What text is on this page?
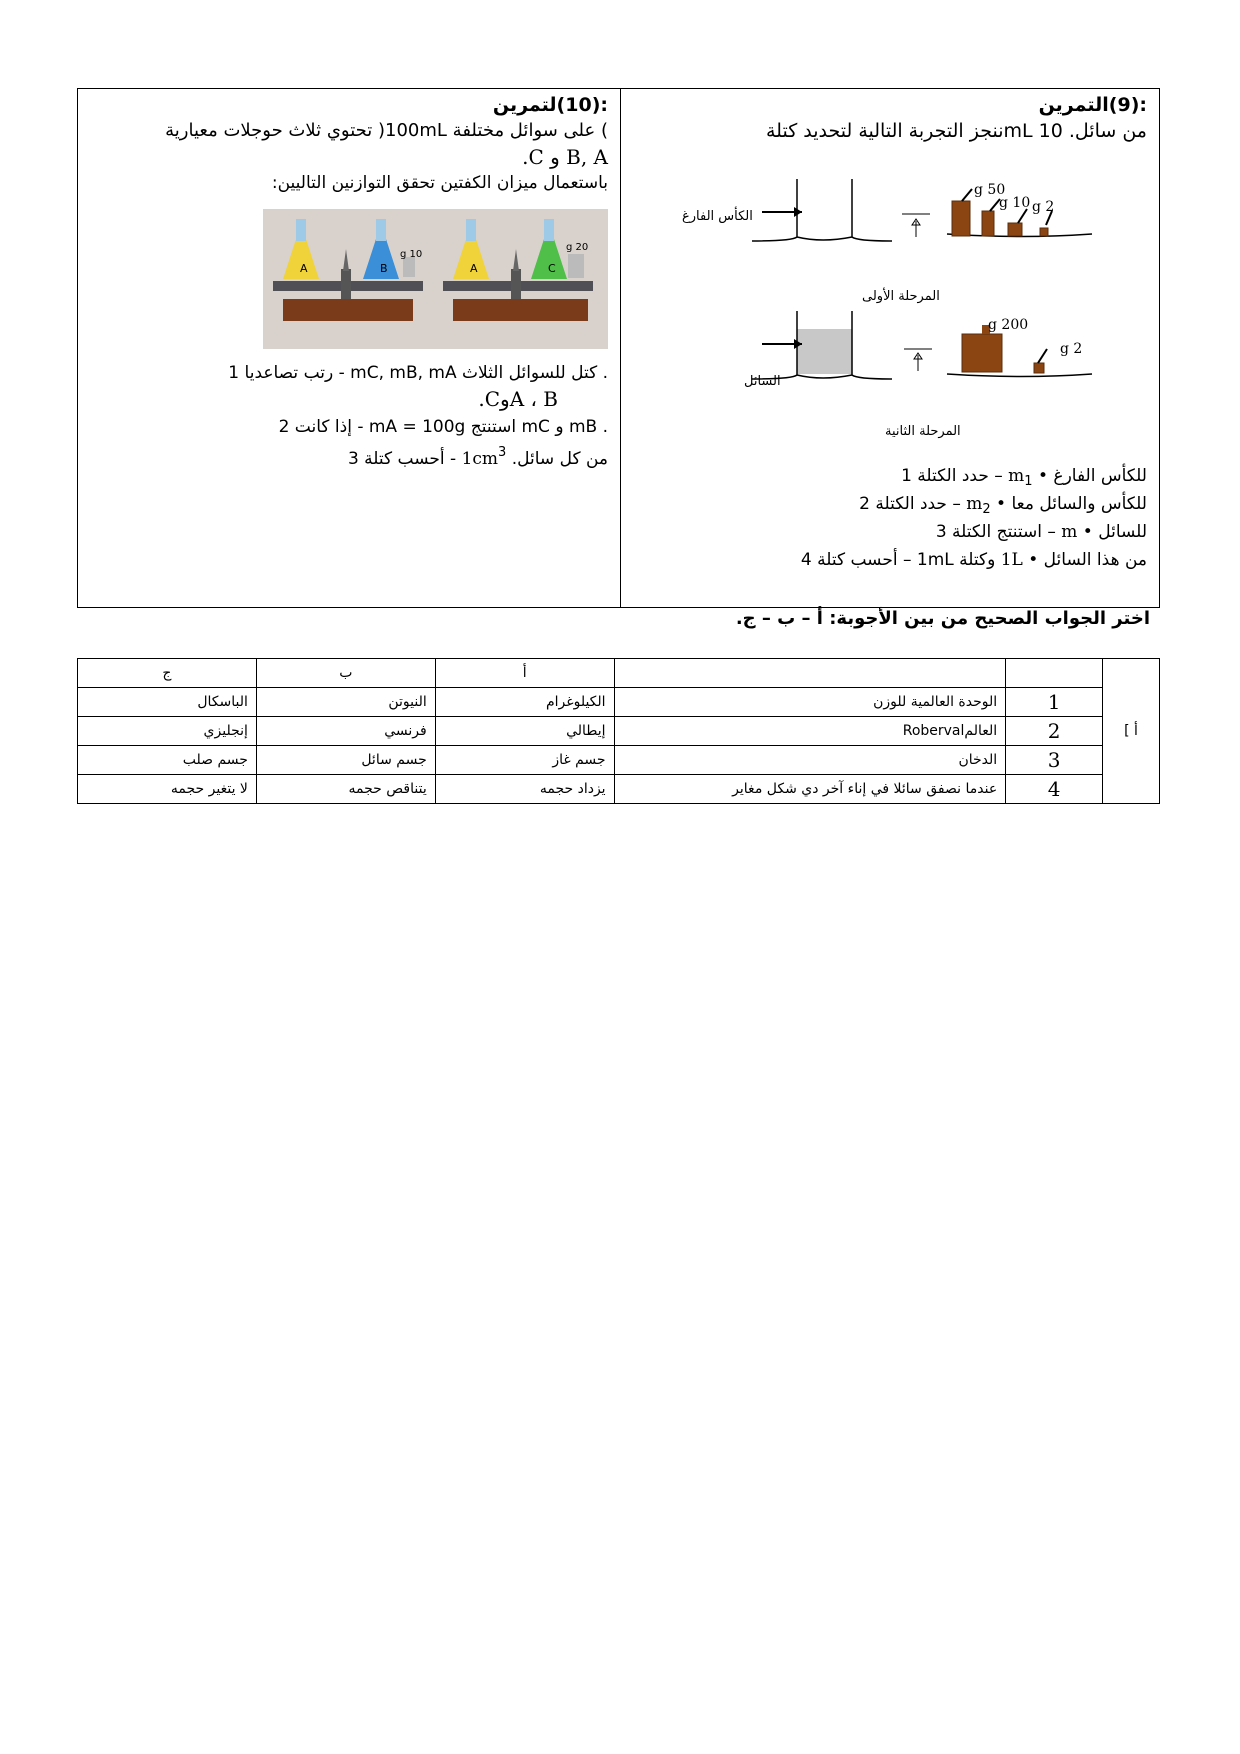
:(9)التمرين
من سائل. 10 mLننجز التجربة التالية لتحديد كتلة
الكأس الفارغ
المرحلة الأولى
السائل
المرحلة الثانية
50 g
10 g 2 g
200 g
2 g
للكأس الفارغ • $m_1$ – حدد الكتلة 1
للكأس والسائل معا • $m_2$ – حدد الكتلة 2
للسائل • m – استنتج الكتلة 3
من هذا السائل • 1L وكتلة 1mL – أحسب كتلة 4
:(10)لتمرين
) على سوائل مختلفة 100mL( تحتوي ثلاث حوجلات معيارية
B, A و C.
باستعمال ميزان الكفتين تحقق التوازنين التاليين:
A	B	A	C
10 g
20 g
. كتل للسوائل الثلاث mC, mB, mA - رتب تصاعديا 1
A ، BوC.
. mB و mC استنتج mA = 100g - إذا كانت 2
من كل سائل. $1cm^3$ - أحسب كتلة 3
اختر الجواب الصحيح من بين الأجوبة: أ – ب – ج.
أ ]			أ	ب	ج
	1	الوحدة العالمية للوزن	الكيلوغرام	النيوتن	الباسكال
	2	العالمRoberval	إيطالي	فرنسي	إنجليزي
	3	الدخان	جسم غاز	جسم سائل	جسم صلب
	4	عندما نصفق سائلا في إناء آخر دي شكل مغاير	يزداد حجمه	يتناقص حجمه	لا يتغير حجمه
